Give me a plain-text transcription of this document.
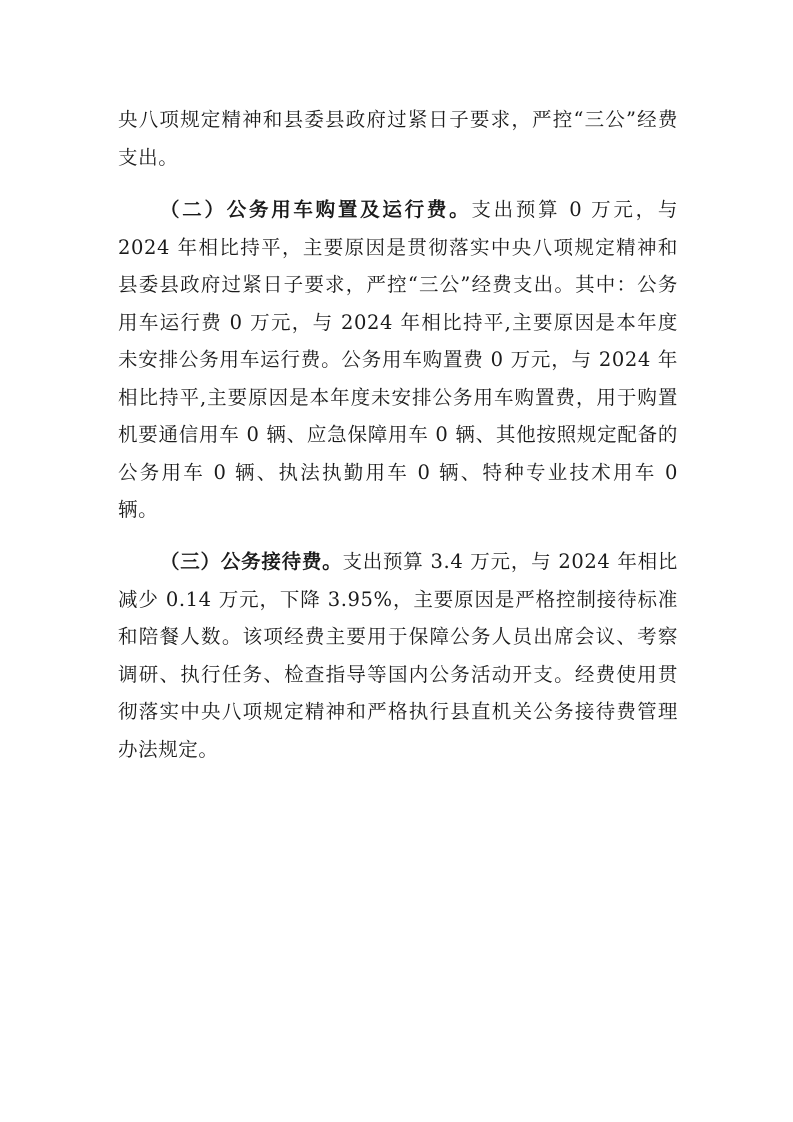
央八项规定精神和县委县政府过紧日子要求，严控“三公”经费支出。

（二）公务用车购置及运行费。支出预算 0 万元，与 2024 年相比持平，主要原因是贯彻落实中央八项规定精神和县委县政府过紧日子要求，严控“三公”经费支出。其中：公务用车运行费 0 万元，与 2024 年相比持平,主要原因是本年度未安排公务用车运行费。公务用车购置费 0 万元，与 2024 年相比持平,主要原因是本年度未安排公务用车购置费，用于购置机要通信用车 0 辆、应急保障用车 0 辆、其他按照规定配备的公务用车 0 辆、执法执勤用车 0 辆、特种专业技术用车 0 辆。

（三）公务接待费。支出预算 3.4 万元，与 2024 年相比减少 0.14 万元，下降 3.95%，主要原因是严格控制接待标准和陪餐人数。该项经费主要用于保障公务人员出席会议、考察调研、执行任务、检查指导等国内公务活动开支。经费使用贯彻落实中央八项规定精神和严格执行县直机关公务接待费管理办法规定。
